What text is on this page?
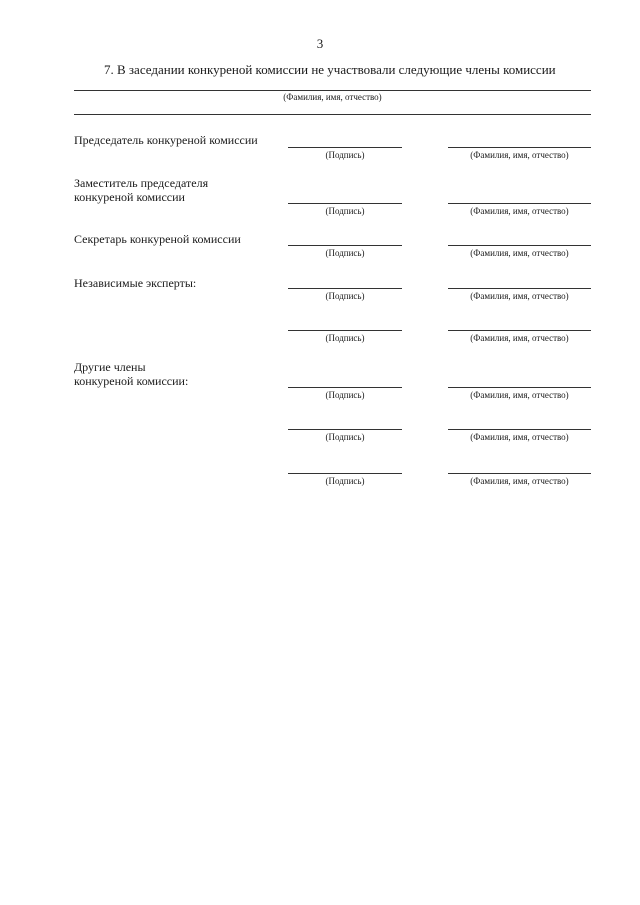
3
7. В заседании конкуреной комиссии не участвовали следующие члены комиссии
(Фамилия, имя, отчество)
Председатель конкуреной комиссии
(Подпись)	(Фамилия, имя, отчество)
Заместитель председателя
конкуреной комиссии
(Подпись)	(Фамилия, имя, отчество)
Секретарь конкуреной комиссии
(Подпись)	(Фамилия, имя, отчество)
Независимые эксперты:
(Подпись)	(Фамилия, имя, отчество)
(Подпись)	(Фамилия, имя, отчество)
Другие члены
конкуреной комиссии:
(Подпись)	(Фамилия, имя, отчество)
(Подпись)	(Фамилия, имя, отчество)
(Подпись)	(Фамилия, имя, отчество)
